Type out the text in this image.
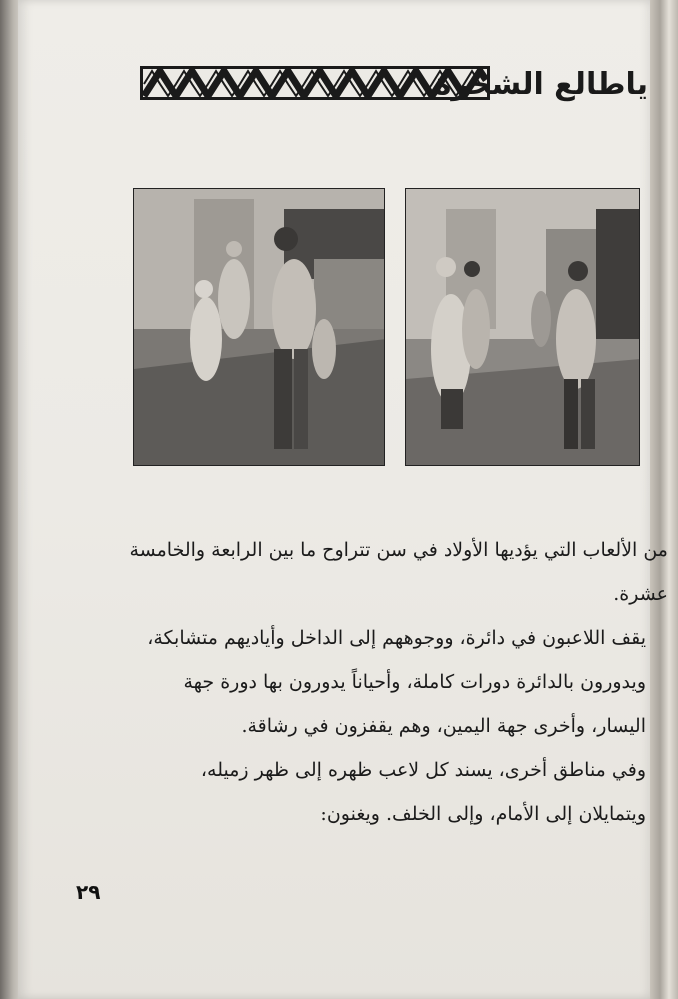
ياطالع الشجرة

من الألعاب التي يؤديها الأولاد في سن تتراوح ما بين الرابعة والخامسة عشرة.

يقف اللاعبون في دائرة، ووجوههم إلى الداخل وأياديهم متشابكة، ويدورون بالدائرة دورات كاملة، وأحياناً يدورون بها دورة جهة اليسار، وأخرى جهة اليمين، وهم يقفزون في رشاقة.

وفي مناطق أخرى، يسند كل لاعب ظهره إلى ظهر زميله، ويتمايلان إلى الأمام، وإلى الخلف. ويغنون:

٢٩
